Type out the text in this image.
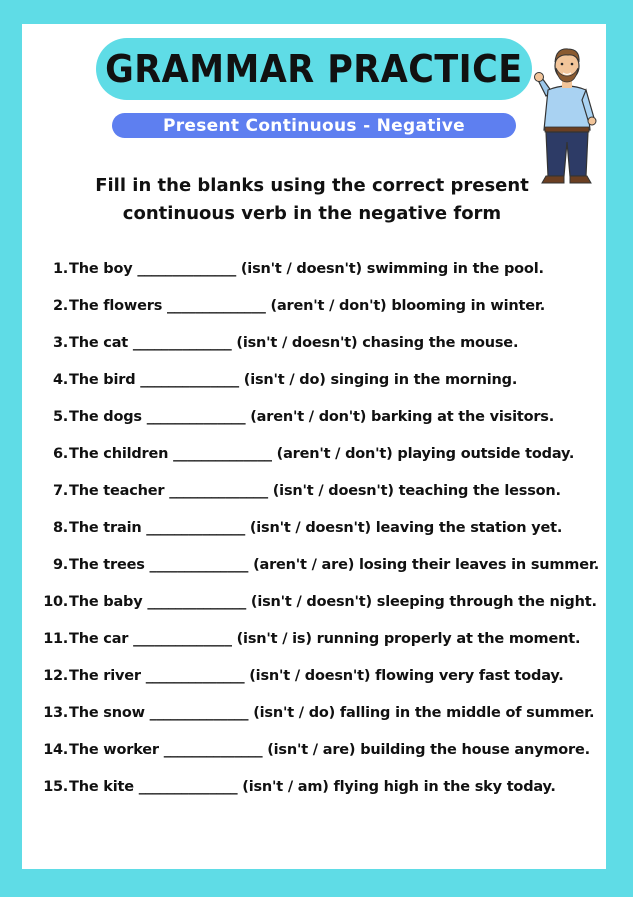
GRAMMAR PRACTICE
Present Continuous - Negative
Fill in the blanks using the correct present
continuous verb in the negative form
1. The boy ______________ (isn't / doesn't) swimming in the pool.
2. The flowers ______________ (aren't / don't) blooming in winter.
3. The cat ______________ (isn't / doesn't) chasing the mouse.
4. The bird ______________ (isn't / do) singing in the morning.
5. The dogs ______________ (aren't / don't) barking at the visitors.
6. The children ______________ (aren't / don't) playing outside today.
7. The teacher ______________ (isn't / doesn't) teaching the lesson.
8. The train ______________ (isn't / doesn't) leaving the station yet.
9. The trees ______________ (aren't / are) losing their leaves in summer.
10. The baby ______________ (isn't / doesn't) sleeping through the night.
11. The car ______________ (isn't / is) running properly at the moment.
12. The river ______________ (isn't / doesn't) flowing very fast today.
13. The snow ______________ (isn't / do) falling in the middle of summer.
14. The worker ______________ (isn't / are) building the house anymore.
15. The kite ______________ (isn't / am) flying high in the sky today.
